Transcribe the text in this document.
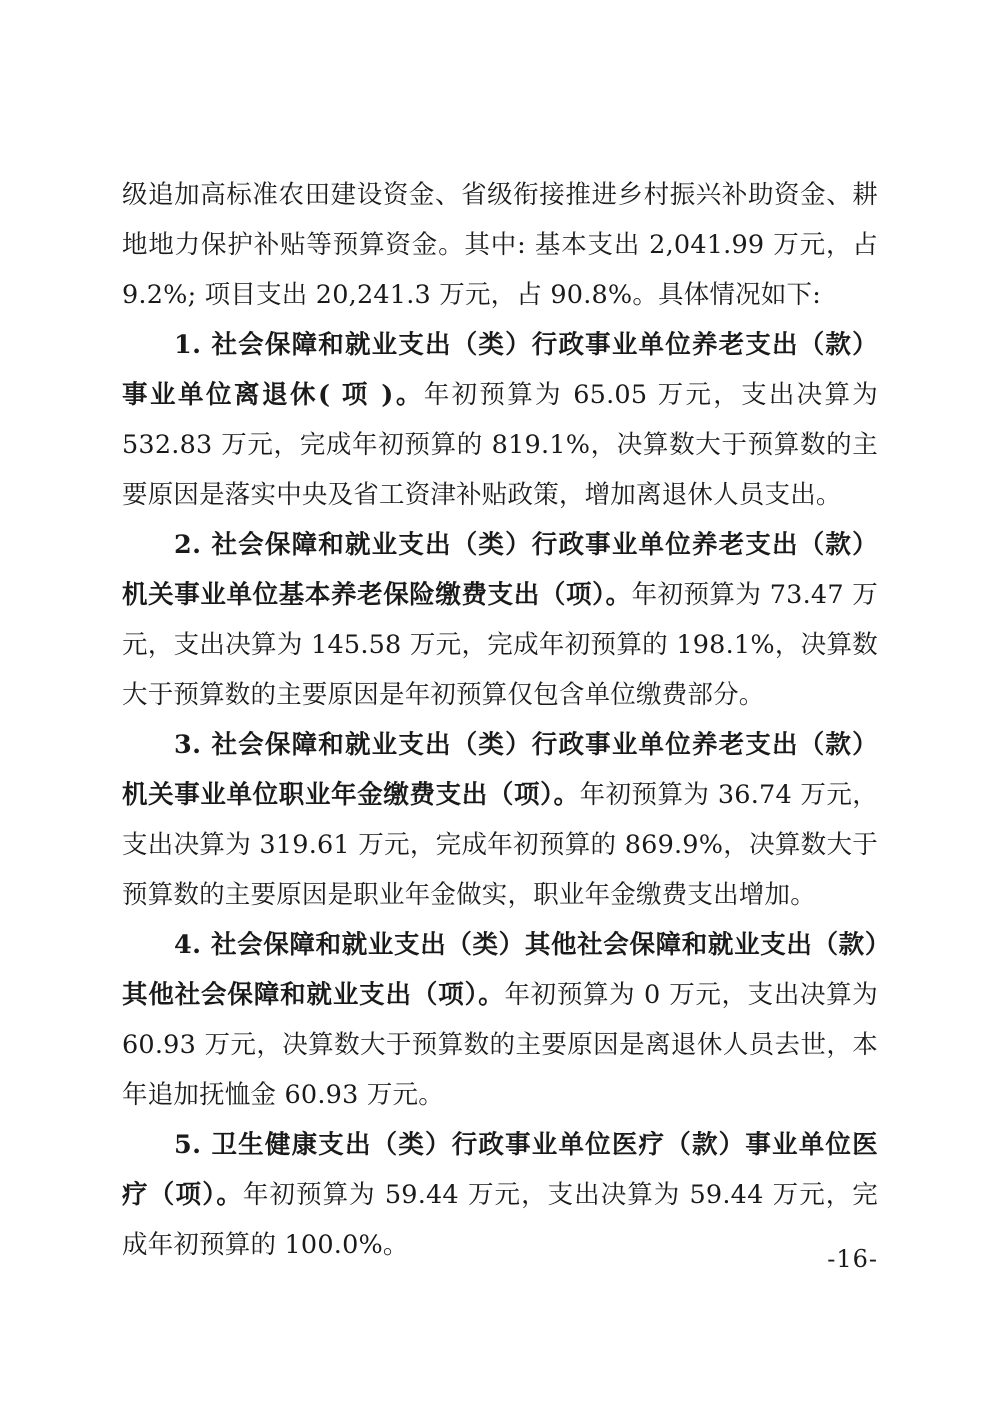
级追加高标准农田建设资金、省级衔接推进乡村振兴补助资金、耕地地力保护补贴等预算资金。其中: 基本支出 2,041.99 万元，占 9.2%; 项目支出 20,241.3 万元，占 90.8%。具体情况如下:

1. 社会保障和就业支出（类）行政事业单位养老支出（款）事业单位离退休( 项 )。年初预算为 65.05 万元，支出决算为 532.83 万元，完成年初预算的 819.1%，决算数大于预算数的主要原因是落实中央及省工资津补贴政策，增加离退休人员支出。

2. 社会保障和就业支出（类）行政事业单位养老支出（款）机关事业单位基本养老保险缴费支出（项）。年初预算为 73.47 万元，支出决算为 145.58 万元，完成年初预算的 198.1%，决算数大于预算数的主要原因是年初预算仅包含单位缴费部分。

3. 社会保障和就业支出（类）行政事业单位养老支出（款）机关事业单位职业年金缴费支出（项）。年初预算为 36.74 万元，支出决算为 319.61 万元，完成年初预算的 869.9%，决算数大于预算数的主要原因是职业年金做实，职业年金缴费支出增加。

4. 社会保障和就业支出（类）其他社会保障和就业支出（款）其他社会保障和就业支出（项）。年初预算为 0 万元，支出决算为 60.93 万元，决算数大于预算数的主要原因是离退休人员去世，本年追加抚恤金 60.93 万元。

5. 卫生健康支出（类）行政事业单位医疗（款）事业单位医疗（项）。年初预算为 59.44 万元，支出决算为 59.44 万元，完成年初预算的 100.0%。	-16-
